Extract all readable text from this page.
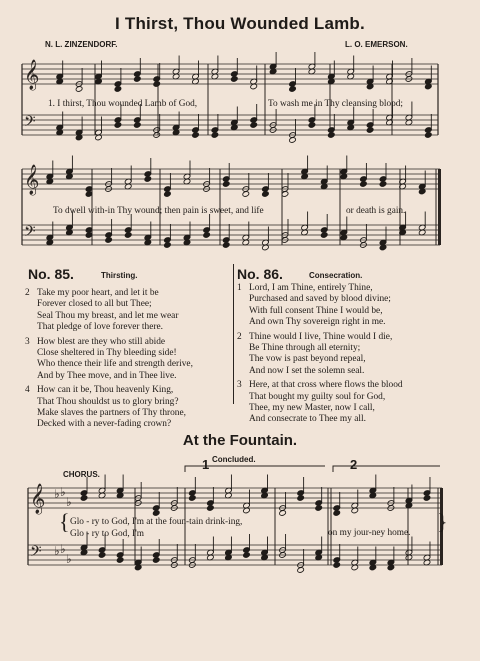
I Thirst, Thou Wounded Lamb.
N. L. ZINZENDORF.	L. O. EMERSON.
𝄞
𝄢
1. I thirst, Thou wounded Lamb of God,	To wash me in Thy cleansing blood;
𝄞
𝄢
To dwell with-in Thy wound; then pain is sweet, and life	or death is gain.
No. 85.	Thirsting.
2 Take my poor heart, and let it be
Forever closed to all but Thee;
Seal Thou my breast, and let me wear
That pledge of love forever there.
3 How blest are they who still abide
Close sheltered in Thy bleeding side!
Who thence their life and strength derive,
And by Thee move, and in Thee live.
4 How can it be, Thou heavenly King,
That Thou shouldst us to glory bring?
Make slaves the partners of Thy throne,
Decked with a never-fading crown?
No. 86.	Consecration.
1 Lord, I am Thine, entirely Thine,
Purchased and saved by blood divine;
With full consent Thine I would be,
And own Thy sovereign right in me.
2 Thine would I live, Thine would I die,
Be Thine through all eternity;
The vow is past beyond repeal,
And now I set the solemn seal.
3 Here, at that cross where flows the blood
That bought my guilty soul for God,
Thee, my new Master, now I call,
And consecrate to Thee my all.
At the Fountain.
Concluded.
CHORUS.
𝄞
𝄢
♭
♭
♭
♭
♭
♭
{ Glo - ry to God, I'm at the foun-tain drink-ing,
Glo - ry to God, I'm	on my jour-ney home. }
1	2
